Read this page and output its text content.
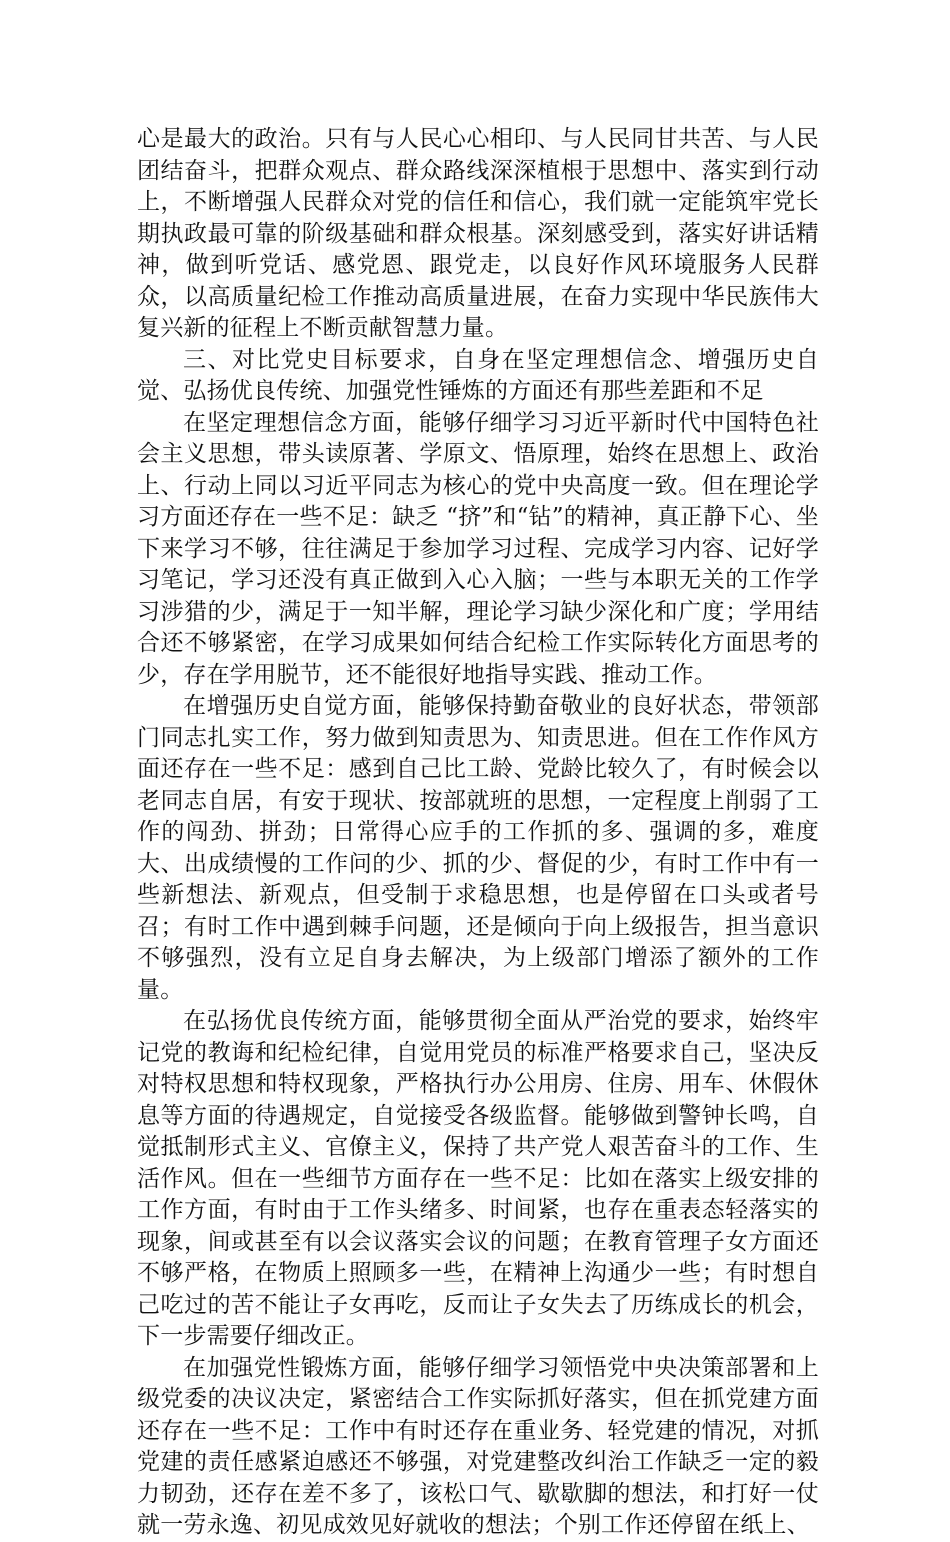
心是最大的政治。只有与人民心心相印、与人民同甘共苦、与人民团结奋斗，把群众观点、群众路线深深植根于思想中、落实到行动上，不断增强人民群众对党的信任和信心，我们就一定能筑牢党长期执政最可靠的阶级基础和群众根基。深刻感受到，落实好讲话精神，做到听党话、感党恩、跟党走，以良好作风环境服务人民群众，以高质量纪检工作推动高质量进展，在奋力实现中华民族伟大复兴新的征程上不断贡献智慧力量。

三、对比党史目标要求，自身在坚定理想信念、增强历史自觉、弘扬优良传统、加强党性锤炼的方面还有那些差距和不足

在坚定理想信念方面，能够仔细学习习近平新时代中国特色社会主义思想，带头读原著、学原文、悟原理，始终在思想上、政治上、行动上同以习近平同志为核心的党中央高度一致。但在理论学习方面还存在一些不足：缺乏 “挤”和“钻”的精神，真正静下心、坐下来学习不够，往往满足于参加学习过程、完成学习内容、记好学习笔记，学习还没有真正做到入心入脑；一些与本职无关的工作学习涉猎的少，满足于一知半解，理论学习缺少深化和广度；学用结合还不够紧密，在学习成果如何结合纪检工作实际转化方面思考的少，存在学用脱节，还不能很好地指导实践、推动工作。

在增强历史自觉方面，能够保持勤奋敬业的良好状态，带领部门同志扎实工作，努力做到知责思为、知责思进。但在工作作风方面还存在一些不足：感到自己比工龄、党龄比较久了，有时候会以老同志自居，有安于现状、按部就班的思想，一定程度上削弱了工作的闯劲、拼劲；日常得心应手的工作抓的多、强调的多，难度大、出成绩慢的工作问的少、抓的少、督促的少，有时工作中有一些新想法、新观点，但受制于求稳思想，也是停留在口头或者号召；有时工作中遇到棘手问题，还是倾向于向上级报告，担当意识不够强烈，没有立足自身去解决，为上级部门增添了额外的工作量。

在弘扬优良传统方面，能够贯彻全面从严治党的要求，始终牢记党的教诲和纪检纪律，自觉用党员的标准严格要求自己，坚决反对特权思想和特权现象，严格执行办公用房、住房、用车、休假休息等方面的待遇规定，自觉接受各级监督。能够做到警钟长鸣，自觉抵制形式主义、官僚主义，保持了共产党人艰苦奋斗的工作、生活作风。但在一些细节方面存在一些不足：比如在落实上级安排的工作方面，有时由于工作头绪多、时间紧，也存在重表态轻落实的现象，间或甚至有以会议落实会议的问题；在教育管理子女方面还不够严格，在物质上照顾多一些，在精神上沟通少一些；有时想自己吃过的苦不能让子女再吃，反而让子女失去了历练成长的机会，下一步需要仔细改正。

在加强党性锻炼方面，能够仔细学习领悟党中央决策部署和上级党委的决议决定，紧密结合工作实际抓好落实，但在抓党建方面还存在一些不足：工作中有时还存在重业务、轻党建的情况，对抓党建的责任感紧迫感还不够强，对党建整改纠治工作缺乏一定的毅力韧劲，还存在差不多了，该松口气、歇歇脚的想法，和打好一仗就一劳永逸、初见成效见好就收的想法；个别工作还停留在纸上、
